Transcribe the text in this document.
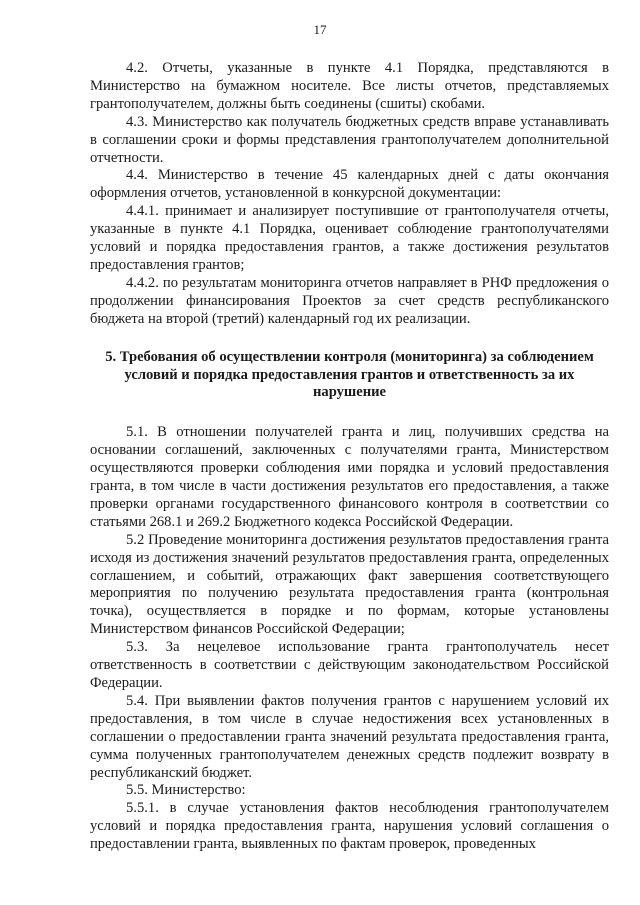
17

4.2. Отчеты, указанные в пункте 4.1 Порядка, представляются в Министерство на бумажном носителе. Все листы отчетов, представляемых грантополучателем, должны быть соединены (сшиты) скобами.

4.3. Министерство как получатель бюджетных средств вправе устанавливать в соглашении сроки и формы представления грантополучателем дополнительной отчетности.

4.4. Министерство в течение 45 календарных дней с даты окончания оформления отчетов, установленной в конкурсной документации:

4.4.1. принимает и анализирует поступившие от грантополучателя отчеты, указанные в пункте 4.1 Порядка, оценивает соблюдение грантополучателями условий и порядка предоставления грантов, а также достижения результатов предоставления грантов;

4.4.2. по результатам мониторинга отчетов направляет в РНФ предложения о продолжении финансирования Проектов за счет средств республиканского бюджета на второй (третий) календарный год их реализации.

5. Требования об осуществлении контроля (мониторинга) за соблюдением условий и порядка предоставления грантов и ответственность за их нарушение

5.1. В отношении получателей гранта и лиц, получивших средства на основании соглашений, заключенных с получателями гранта, Министерством осуществляются проверки соблюдения ими порядка и условий предоставления гранта, в том числе в части достижения результатов его предоставления, а также проверки органами государственного финансового контроля в соответствии со статьями 268.1 и 269.2 Бюджетного кодекса Российской Федерации.

5.2 Проведение мониторинга достижения результатов предоставления гранта исходя из достижения значений результатов предоставления гранта, определенных соглашением, и событий, отражающих факт завершения соответствующего мероприятия по получению результата предоставления гранта (контрольная точка), осуществляется в порядке и по формам, которые установлены Министерством финансов Российской Федерации;

5.3. За нецелевое использование гранта грантополучатель несет ответственность в соответствии с действующим законодательством Российской Федерации.

5.4. При выявлении фактов получения грантов с нарушением условий их предоставления, в том числе в случае недостижения всех установленных в соглашении о предоставлении гранта значений результата предоставления гранта, сумма полученных грантополучателем денежных средств подлежит возврату в республиканский бюджет.

5.5. Министерство:

5.5.1. в случае установления фактов несоблюдения грантополучателем условий и порядка предоставления гранта, нарушения условий соглашения о предоставлении гранта, выявленных по фактам проверок, проведенных
